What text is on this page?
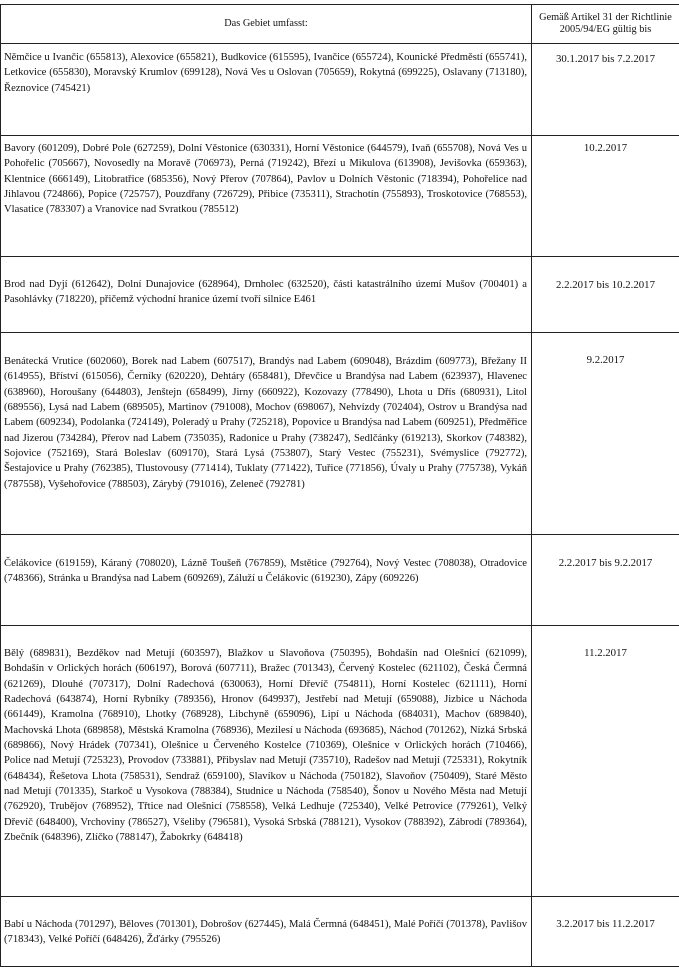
Das Gebiet umfasst:	Gemäß Artikel 31 der Richtlinie 2005/94/EG gültig bis

Němčice u Ivančic (655813), Alexovice (655821), Budkovice (615595), Ivančice (655724), Kounické Předměstí (655741), Letkovice (655830), Moravský Krumlov (699128), Nová Ves u Oslovan (705659), Rokytná (699225), Oslavany (713180), Řeznovice (745421)	30.1.2017 bis 7.2.2017

Bavory (601209), Dobré Pole (627259), Dolní Věstonice (630331), Horní Věstonice (644579), Ivaň (655708), Nová Ves u Pohořelic (705667), Novosedly na Moravě (706973), Perná (719242), Březí u Mikulova (613908), Jevišovka (659363), Klentnice (666149), Litobratřice (685356), Nový Přerov (707864), Pavlov u Dolních Věstonic (718394), Pohořelice nad Jihlavou (724866), Popice (725757), Pouzdřany (726729), Přibice (735311), Strachotín (755893), Troskotovice (768553), Vlasatice (783307) a Vranovice nad Svratkou (785512)	10.2.2017

Brod nad Dyjí (612642), Dolní Dunajovice (628964), Drnholec (632520), části katastrálního území Mušov (700401) a Pasohlávky (718220), přičemž východní hranice území tvoří silnice E461	2.2.2017 bis 10.2.2017

Benátecká Vrutice (602060), Borek nad Labem (607517), Brandýs nad Labem (609048), Brázdim (609773), Břežany II (614955), Bříství (615056), Černíky (620220), Dehtáry (658481), Dřevčice u Brandýsa nad Labem (623937), Hlavenec (638960), Horoušany (644803), Jenštejn (658499), Jirny (660922), Kozovazy (778490), Lhota u Dřís (680931), Litol (689556), Lysá nad Labem (689505), Martinov (791008), Mochov (698067), Nehvízdy (702404), Ostrov u Brandýsa nad Labem (609234), Podolanka (724149), Poleradý u Prahy (725218), Popovice u Brandýsa nad Labem (609251), Předměřice nad Jizerou (734284), Přerov nad Labem (735035), Radonice u Prahy (738247), Sedlčánky (619213), Skorkov (748382), Sojovice (752169), Stará Boleslav (609170), Stará Lysá (753807), Starý Vestec (755231), Svémyslice (792772), Šestajovice u Prahy (762385), Tlustovousy (771414), Tuklaty (771422), Tuřice (771856), Úvaly u Prahy (775738), Vykáň (787558), Vyšehořovice (788503), Zárybý (791016), Zeleneč (792781)	9.2.2017

Čelákovice (619159), Káraný (708020), Lázně Toušeň (767859), Mstětice (792764), Nový Vestec (708038), Otradovice (748366), Stránka u Brandýsa nad Labem (609269), Záluží u Čelákovic (619230), Zápy (609226)	2.2.2017 bis 9.2.2017

Bělý (689831), Bezděkov nad Metují (603597), Blažkov u Slavoňova (750395), Bohdašín nad Olešnicí (621099), Bohdašín v Orlických horách (606197), Borová (607711), Bražec (701343), Červený Kostelec (621102), Česká Čermná (621269), Dlouhé (707317), Dolní Radechová (630063), Horní Dřevíč (754811), Horní Kostelec (621111), Horní Radechová (643874), Horní Rybníky (789356), Hronov (649937), Jestřebí nad Metují (659088), Jizbice u Náchoda (661449), Kramolna (768910), Lhotky (768928), Libchyně (659096), Lipí u Náchoda (684031), Machov (689840), Machovská Lhota (689858), Městská Kramolna (768936), Mezilesí u Náchoda (693685), Náchod (701262), Nízká Srbská (689866), Nový Hrádek (707341), Olešnice u Červeného Kostelce (710369), Olešnice v Orlických horách (710466), Police nad Metují (725323), Provodov (733881), Přibyslav nad Metují (735710), Radešov nad Metují (725331), Rokytník (648434), Řešetova Lhota (758531), Sendraž (659100), Slavíkov u Náchoda (750182), Slavoňov (750409), Staré Město nad Metují (701335), Starkoč u Vysokova (788384), Studnice u Náchoda (758540), Šonov u Nového Města nad Metují (762920), Trubějov (768952), Třtice nad Olešnicí (758558), Velká Ledhuje (725340), Velké Petrovice (779261), Velký Dřevíč (648400), Vrchoviny (786527), Všeliby (796581), Vysoká Srbská (788121), Vysokov (788392), Zábrodí (789364), Zbečník (648396), Zlíčko (788147), Žabokrky (648418)	11.2.2017

Babí u Náchoda (701297), Běloves (701301), Dobrošov (627445), Malá Čermná (648451), Malé Poříčí (701378), Pavlišov (718343), Velké Poříčí (648426), Žďárky (795526)	3.2.2017 bis 11.2.2017
